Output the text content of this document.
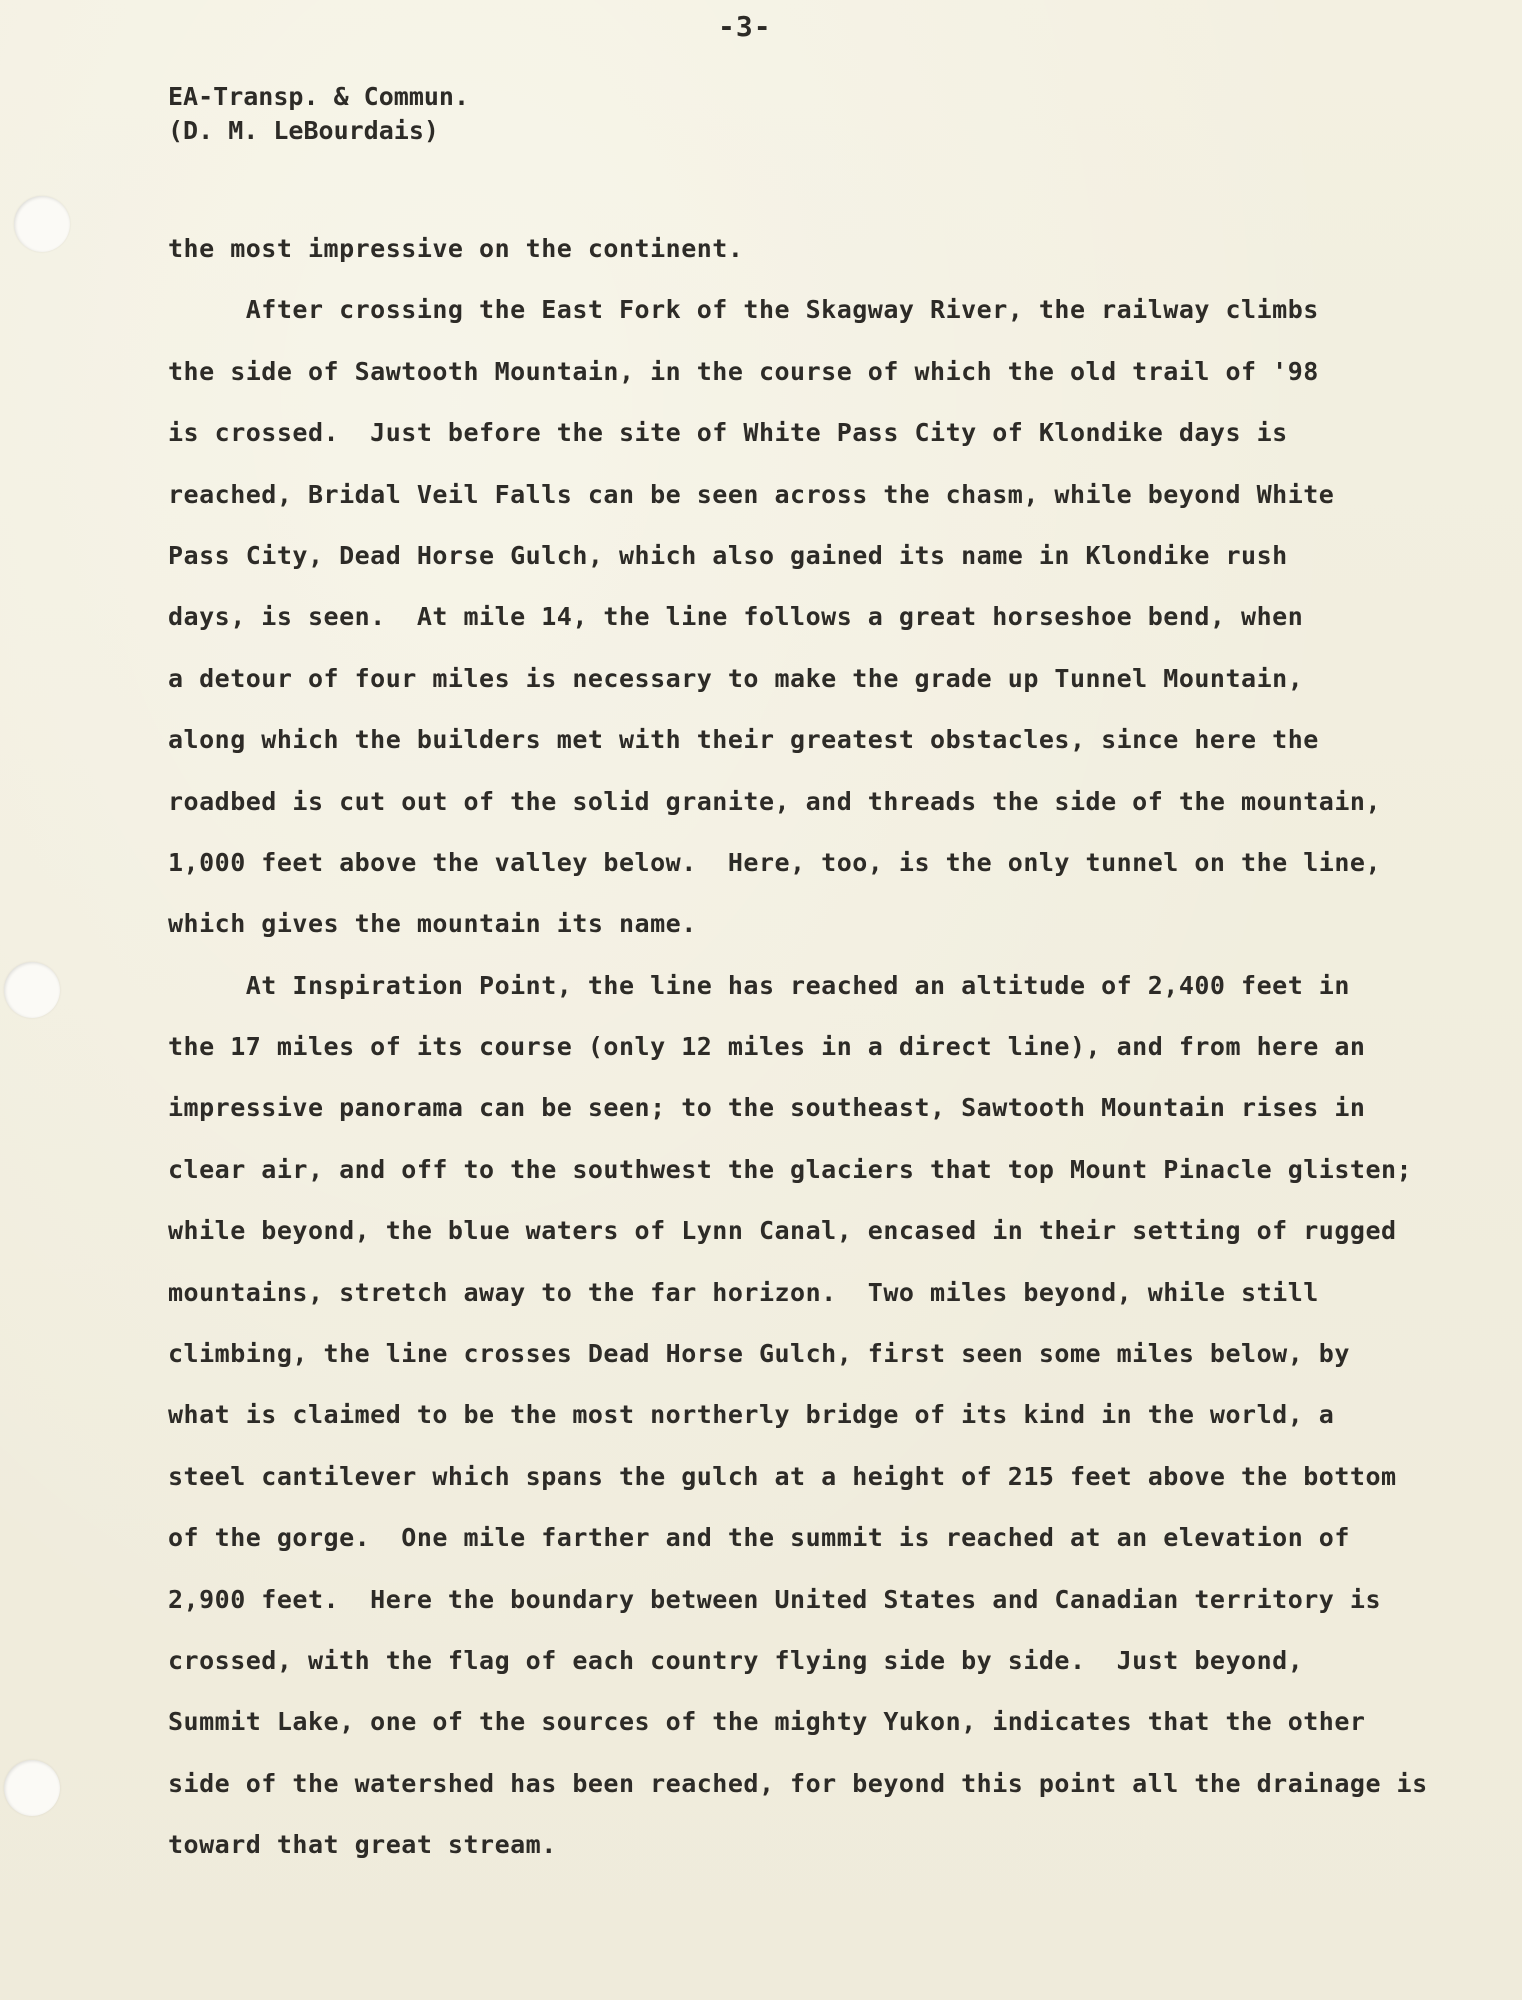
-3-
EA-Transp. & Commun.
(D. M. LeBourdais)
the most impressive on the continent.
After crossing the East Fork of the Skagway River, the railway climbs
the side of Sawtooth Mountain, in the course of which the old trail of '98
is crossed.  Just before the site of White Pass City of Klondike days is
reached, Bridal Veil Falls can be seen across the chasm, while beyond White
Pass City, Dead Horse Gulch, which also gained its name in Klondike rush
days, is seen.  At mile 14, the line follows a great horseshoe bend, when
a detour of four miles is necessary to make the grade up Tunnel Mountain,
along which the builders met with their greatest obstacles, since here the
roadbed is cut out of the solid granite, and threads the side of the mountain,
1,000 feet above the valley below.  Here, too, is the only tunnel on the line,
which gives the mountain its name.
At Inspiration Point, the line has reached an altitude of 2,400 feet in
the 17 miles of its course (only 12 miles in a direct line), and from here an
impressive panorama can be seen; to the southeast, Sawtooth Mountain rises in
clear air, and off to the southwest the glaciers that top Mount Pinacle glisten;
while beyond, the blue waters of Lynn Canal, encased in their setting of rugged
mountains, stretch away to the far horizon.  Two miles beyond, while still
climbing, the line crosses Dead Horse Gulch, first seen some miles below, by
what is claimed to be the most northerly bridge of its kind in the world, a
steel cantilever which spans the gulch at a height of 215 feet above the bottom
of the gorge.  One mile farther and the summit is reached at an elevation of
2,900 feet.  Here the boundary between United States and Canadian territory is
crossed, with the flag of each country flying side by side.  Just beyond,
Summit Lake, one of the sources of the mighty Yukon, indicates that the other
side of the watershed has been reached, for beyond this point all the drainage is
toward that great stream.
